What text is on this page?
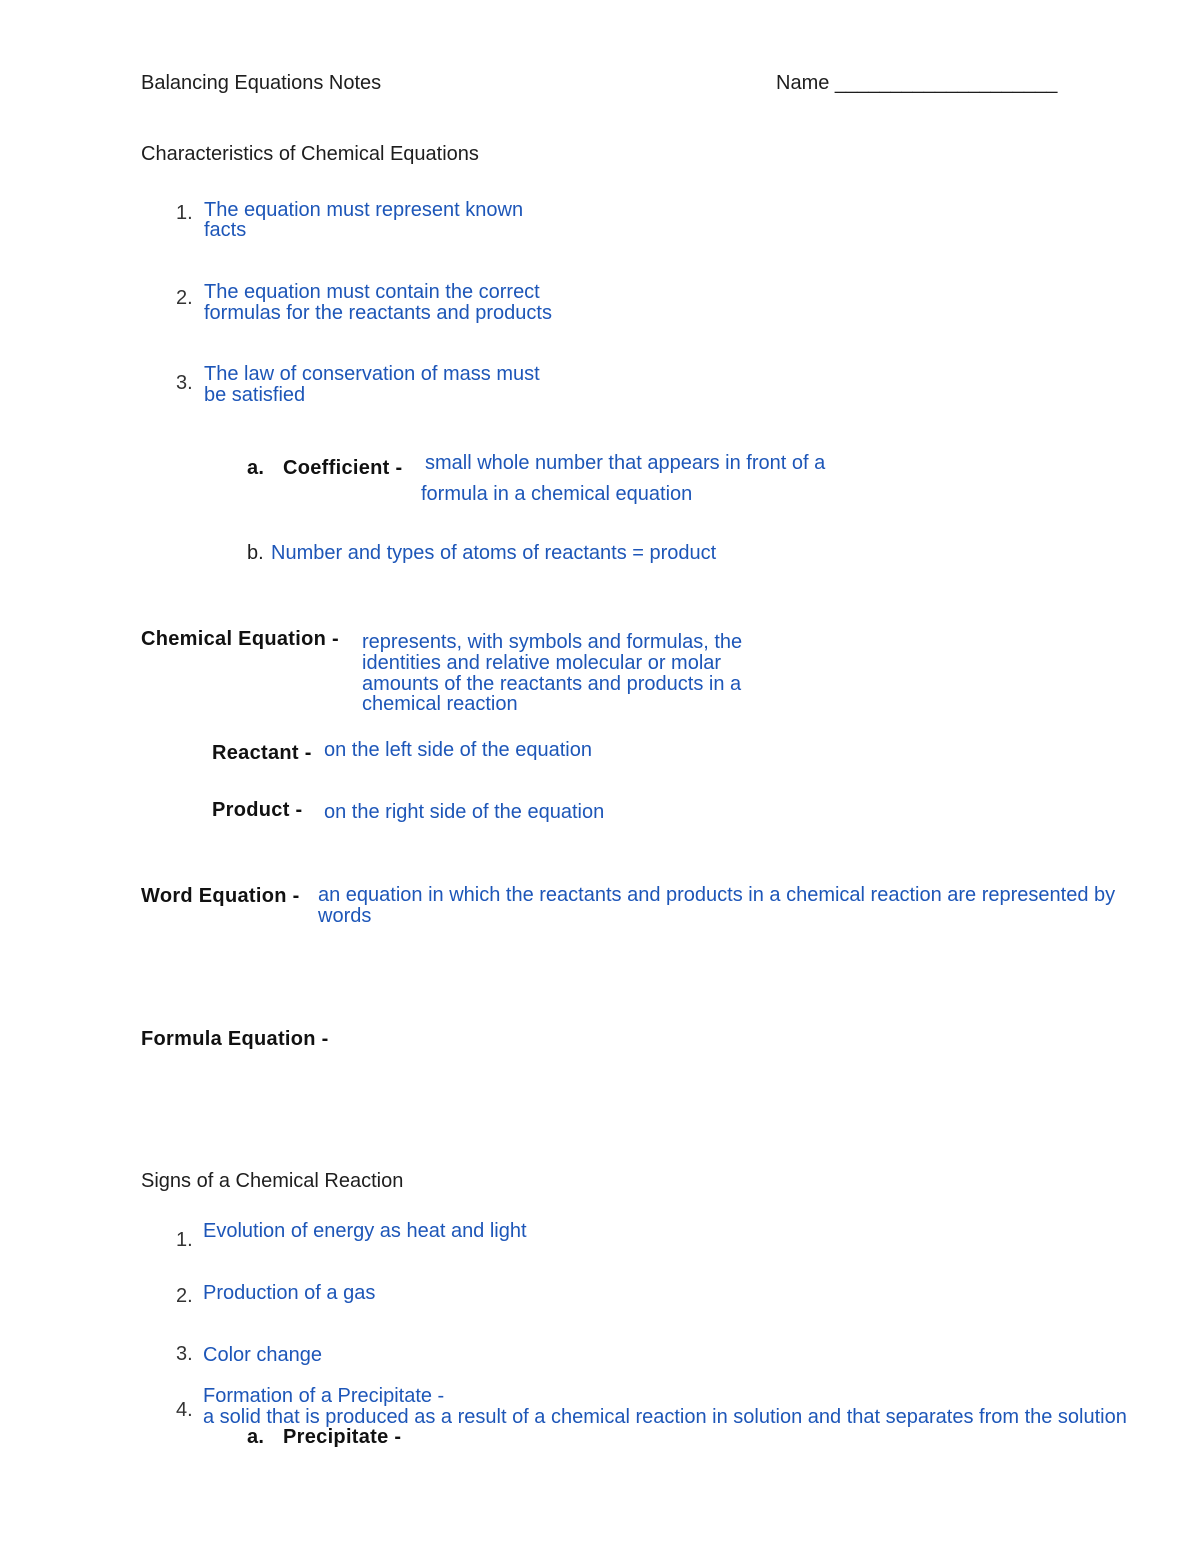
Balancing Equations Notes	Name ____________________
Characteristics of Chemical Equations
1. The equation must represent known
facts
2. The equation must contain the correct
formulas for the reactants and products
3. The law of conservation of mass must
be satisfied
a. Coefficient - small whole number that appears in front of a
formula in a chemical equation
b. Number and types of atoms of reactants = product
Chemical Equation - represents, with symbols and formulas, the
identities and relative molecular or molar
amounts of the reactants and products in a
chemical reaction
Reactant - on the left side of the equation
Product - on the right side of the equation
Word Equation - an equation in which the reactants and products in a chemical reaction are represented by
words
Formula Equation -
Signs of a Chemical Reaction
1. Evolution of energy as heat and light
2. Production of a gas
3. Color change
4.
Formation of a Precipitate -
a solid that is produced as a result of a chemical reaction in solution and that separates from the solution
a. Precipitate -
